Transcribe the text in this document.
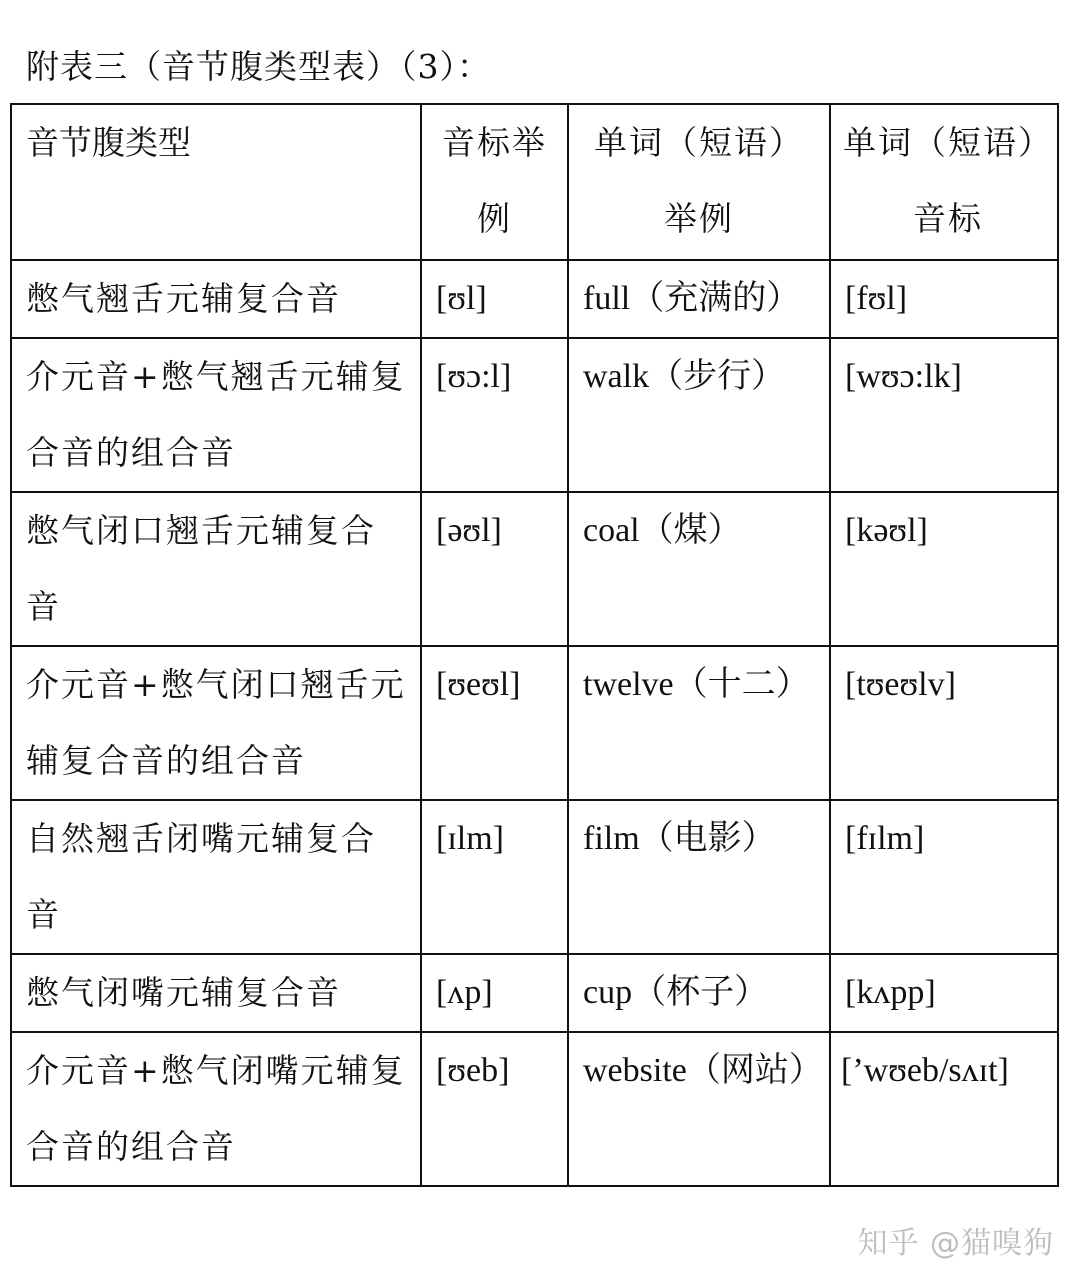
附表三（音节腹类型表）（3）：
音节腹类型	音标举例	单词（短语）举例	单词（短语）音标
憋气翘舌元辅复合音	[ʊl]	full（充满的）	[fʊl]
介元音+憋气翘舌元辅复合音的组合音	[ʊɔ:l]	walk（步行）	[wʊɔ:lk]
憋气闭口翘舌元辅复合音	[əʊl]	coal（煤）	[kəʊl]
介元音+憋气闭口翘舌元辅复合音的组合音	[ʊeʊl]	twelve（十二）	[tʊeʊlv]
自然翘舌闭嘴元辅复合音	[ɪlm]	film（电影）	[fɪlm]
憋气闭嘴元辅复合音	[ʌp]	cup（杯子）	[kʌpp]
介元音+憋气闭嘴元辅复合音的组合音	[ʊeb]	website（网站）	[’wʊeb/sʌɪt]
知乎 @猫嗅狗
